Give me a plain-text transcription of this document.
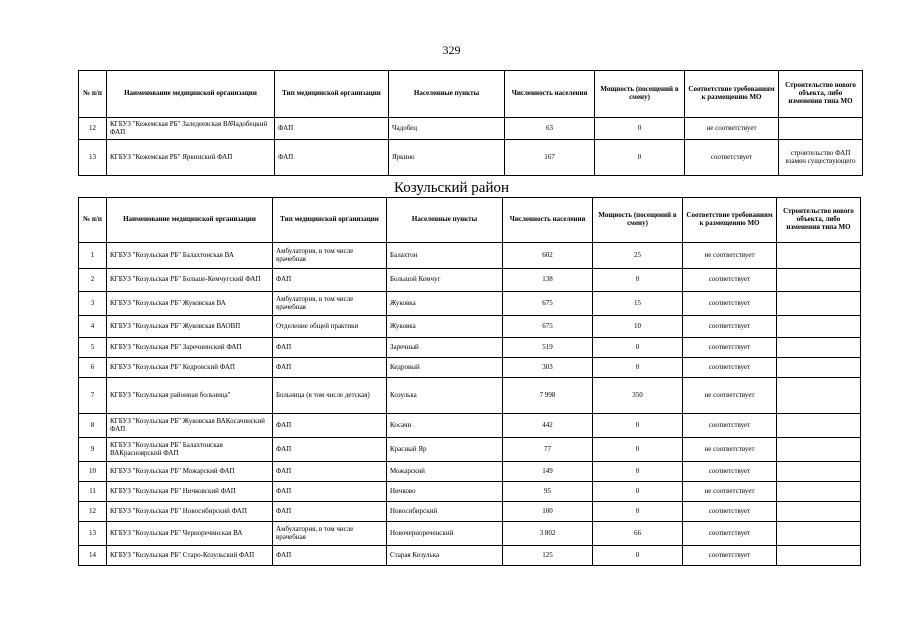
329
№ п/п	Наименование медицинской организации	Тип медицинской организации	Населенные пункты	Численность населения	Мощность (посещений в смену)	Соответствие требованиям к размещению МО	Строительство нового объекта, либо изменения типа МО
12	КГБУЗ "Кежемская РБ" Заледеевская ВАЧадобецкий ФАП	ФАП	Чадобец	63	0	не соответствует	
13	КГБУЗ "Кежемская РБ" Яркинский ФАП	ФАП	Яркино	167	0	соответствует	строительство ФАП взамен существующего
Козульский район
№ п/п	Наименование медицинской организации	Тип медицинской организации	Населенные пункты	Численность населения	Мощность (посещений в смену)	Соответствие требованиям к размещению МО	Строительство нового объекта, либо изменения типа МО
1	КГБУЗ "Козульская РБ" Балахтонская ВА	Амбулатория, в том числе врачебная	Балахтон	602	25	не соответствует	
2	КГБУЗ "Козульская РБ" Больше-Кемчугский ФАП	ФАП	Большой Кемчуг	138	0	соответствует	
3	КГБУЗ "Козульская РБ" Жуковская ВА	Амбулатория, в том числе врачебная	Жуковка	675	15	соответствует	
4	КГБУЗ "Козульская РБ" Жуковская ВАОВП	Отделение общей практики	Жуковка	675	10	соответствует	
5	КГБУЗ "Козульская РБ" Заречнинский ФАП	ФАП	Заречный	519	0	соответствует	
6	КГБУЗ "Козульская РБ" Кедровский ФАП	ФАП	Кедровый	303	0	соответствует	
7	КГБУЗ "Козульская районная больница"	Больница (в том числе детская)	Козулька	7 998	350	не соответствует	
8	КГБУЗ "Козульская РБ" Жуковская ВАКосачинский ФАП	ФАП	Косачи	442	0	соответствует	
9	КГБУЗ "Козульская РБ" Балахтонская ВАКрасноярский ФАП	ФАП	Красный Яр	77	0	не соответствует	
10	КГБУЗ "Козульская РБ" Можарский ФАП	ФАП	Можарский	149	0	соответствует	
11	КГБУЗ "Козульская РБ" Ничковский ФАП	ФАП	Ничково	95	0	не соответствует	
12	КГБУЗ "Козульская РБ" Новосибирский ФАП	ФАП	Новосибирский	100	0	соответствует	
13	КГБУЗ "Козульская РБ" Черноречинская ВА	Амбулатория, в том числе врачебная	Новочернореченский	3 802	66	соответствует	
14	КГБУЗ "Козульская РБ" Старо-Козульский ФАП	ФАП	Старая Козулька	125	0	соответствует	
